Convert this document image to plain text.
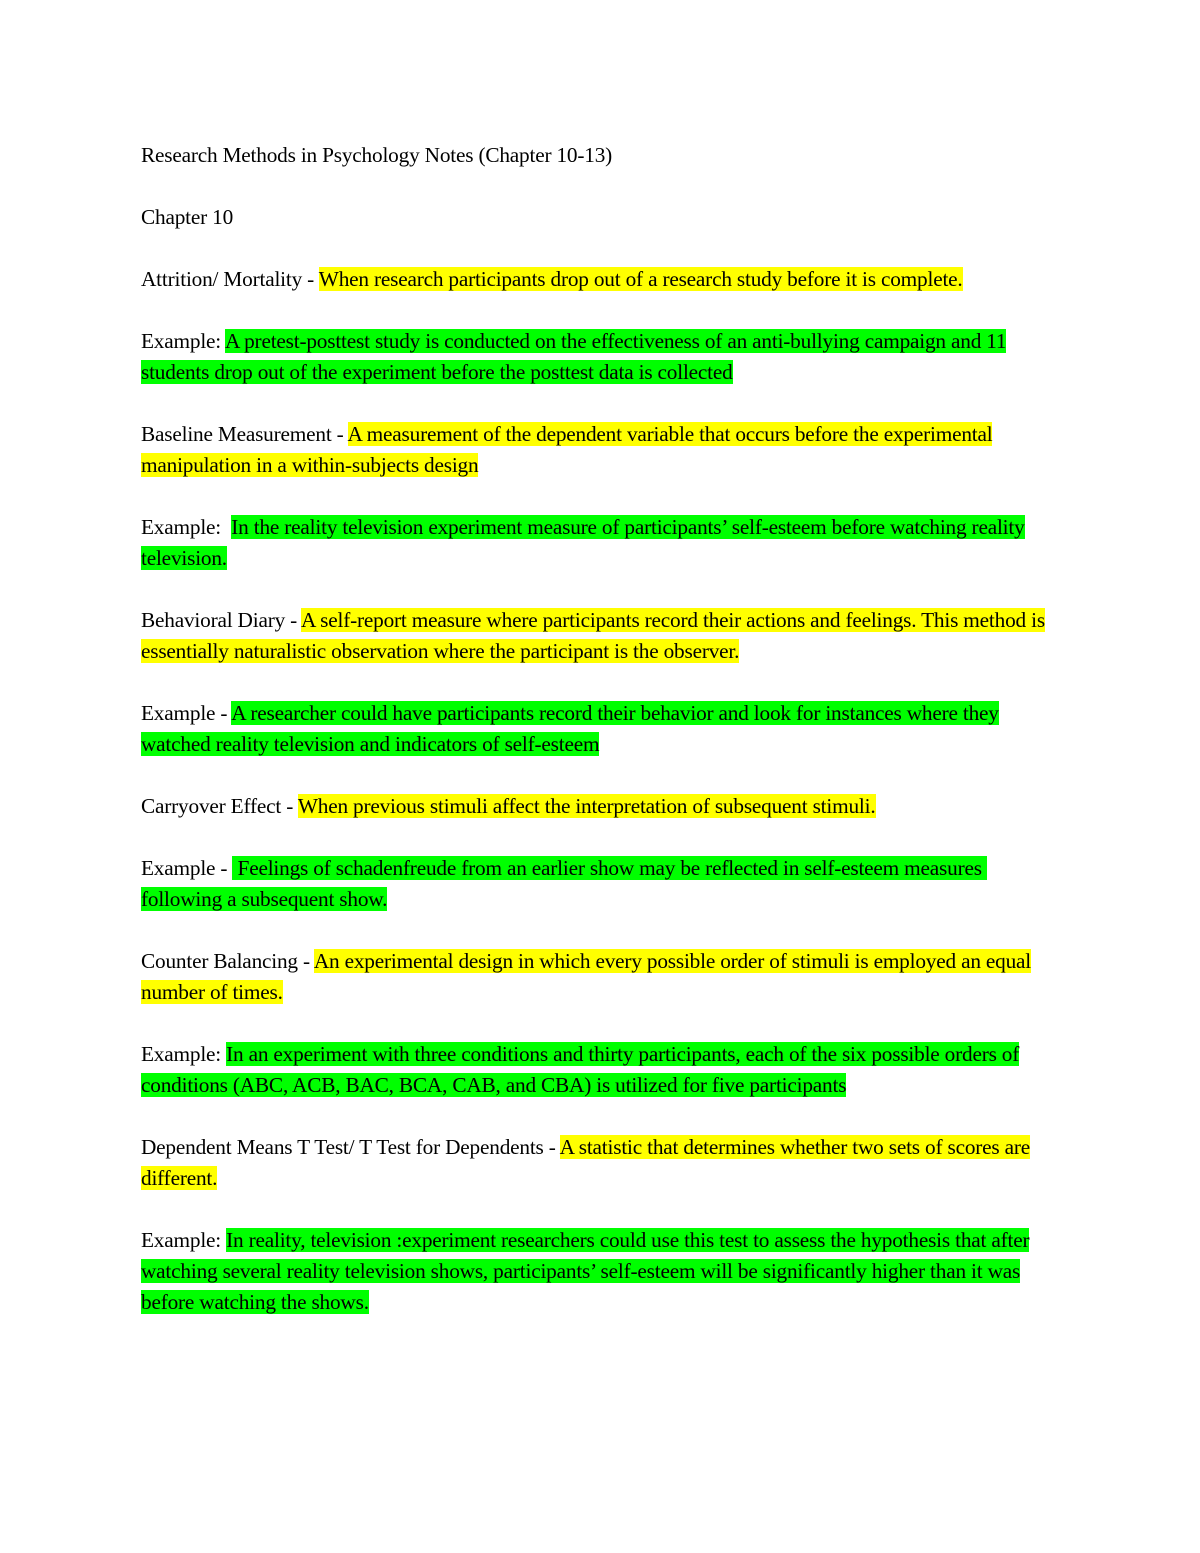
Research Methods in Psychology Notes (Chapter 10-13)
Chapter 10
Attrition/ Mortality - When research participants drop out of a research study before it is complete.
Example: A pretest-posttest study is conducted on the effectiveness of an anti-bullying campaign and 11 students drop out of the experiment before the posttest data is collected
Baseline Measurement - A measurement of the dependent variable that occurs before the experimental manipulation in a within-subjects design
Example:  In the reality television experiment measure of participants’ self-esteem before watching reality television.
Behavioral Diary - A self-report measure where participants record their actions and feelings. This method is essentially naturalistic observation where the participant is the observer.
Example - A researcher could have participants record their behavior and look for instances where they watched reality television and indicators of self-esteem
Carryover Effect - When previous stimuli affect the interpretation of subsequent stimuli.
Example -  Feelings of schadenfreude from an earlier show may be reflected in self-esteem measures following a subsequent show.
Counter Balancing - An experimental design in which every possible order of stimuli is employed an equal number of times.
Example: In an experiment with three conditions and thirty participants, each of the six possible orders of conditions (ABC, ACB, BAC, BCA, CAB, and CBA) is utilized for five participants
Dependent Means T Test/ T Test for Dependents - A statistic that determines whether two sets of scores are different.
Example: In reality, television :experiment researchers could use this test to assess the hypothesis that after watching several reality television shows, participants’ self-esteem will be significantly higher than it was before watching the shows.
